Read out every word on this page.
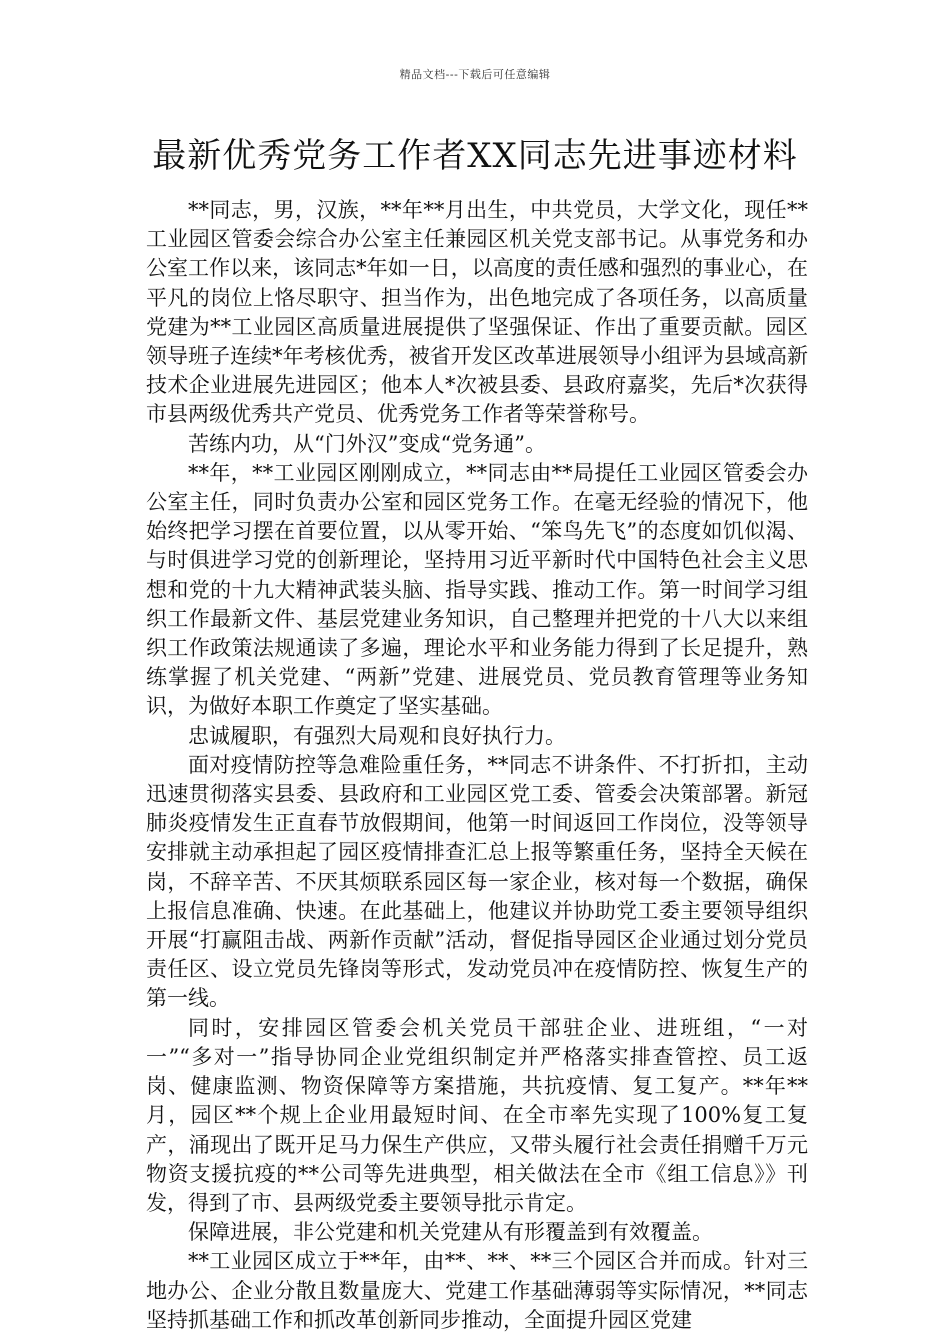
精品文档---下载后可任意编辑
最新优秀党务工作者XX同志先进事迹材料

**同志，男，汉族，**年**月出生，中共党员，大学文化，现任**工业园区管委会综合办公室主任兼园区机关党支部书记。从事党务和办公室工作以来，该同志*年如一日，以高度的责任感和强烈的事业心，在平凡的岗位上恪尽职守、担当作为，出色地完成了各项任务，以高质量党建为**工业园区高质量进展提供了坚强保证、作出了重要贡献。园区领导班子连续*年考核优秀，被省开发区改革进展领导小组评为县域高新技术企业进展先进园区；他本人*次被县委、县政府嘉奖，先后*次获得市县两级优秀共产党员、优秀党务工作者等荣誉称号。

苦练内功，从“门外汉”变成“党务通”。

**年，**工业园区刚刚成立，**同志由**局提任工业园区管委会办公室主任，同时负责办公室和园区党务工作。在毫无经验的情况下，他始终把学习摆在首要位置，以从零开始、“笨鸟先飞”的态度如饥似渴、与时俱进学习党的创新理论，坚持用习近平新时代中国特色社会主义思想和党的十九大精神武装头脑、指导实践、推动工作。第一时间学习组织工作最新文件、基层党建业务知识，自己整理并把党的十八大以来组织工作政策法规通读了多遍，理论水平和业务能力得到了长足提升，熟练掌握了机关党建、“两新”党建、进展党员、党员教育管理等业务知识，为做好本职工作奠定了坚实基础。

忠诚履职，有强烈大局观和良好执行力。

面对疫情防控等急难险重任务，**同志不讲条件、不打折扣，主动迅速贯彻落实县委、县政府和工业园区党工委、管委会决策部署。新冠肺炎疫情发生正直春节放假期间，他第一时间返回工作岗位，没等领导安排就主动承担起了园区疫情排查汇总上报等繁重任务，坚持全天候在岗，不辞辛苦、不厌其烦联系园区每一家企业，核对每一个数据，确保上报信息准确、快速。在此基础上，他建议并协助党工委主要领导组织开展“打赢阻击战、两新作贡献”活动，督促指导园区企业通过划分党员责任区、设立党员先锋岗等形式，发动党员冲在疫情防控、恢复生产的第一线。

同时，安排园区管委会机关党员干部驻企业、进班组，“一对一”“多对一”指导协同企业党组织制定并严格落实排查管控、员工返岗、健康监测、物资保障等方案措施，共抗疫情、复工复产。**年**月，园区**个规上企业用最短时间、在全市率先实现了100%复工复产，涌现出了既开足马力保生产供应，又带头履行社会责任捐赠千万元物资支援抗疫的**公司等先进典型，相关做法在全市《组工信息》》刊发，得到了市、县两级党委主要领导批示肯定。

保障进展，非公党建和机关党建从有形覆盖到有效覆盖。

**工业园区成立于**年，由**、**、**三个园区合并而成。针对三地办公、企业分散且数量庞大、党建工作基础薄弱等实际情况，**同志坚持抓基础工作和抓改革创新同步推动，全面提升园区党建
